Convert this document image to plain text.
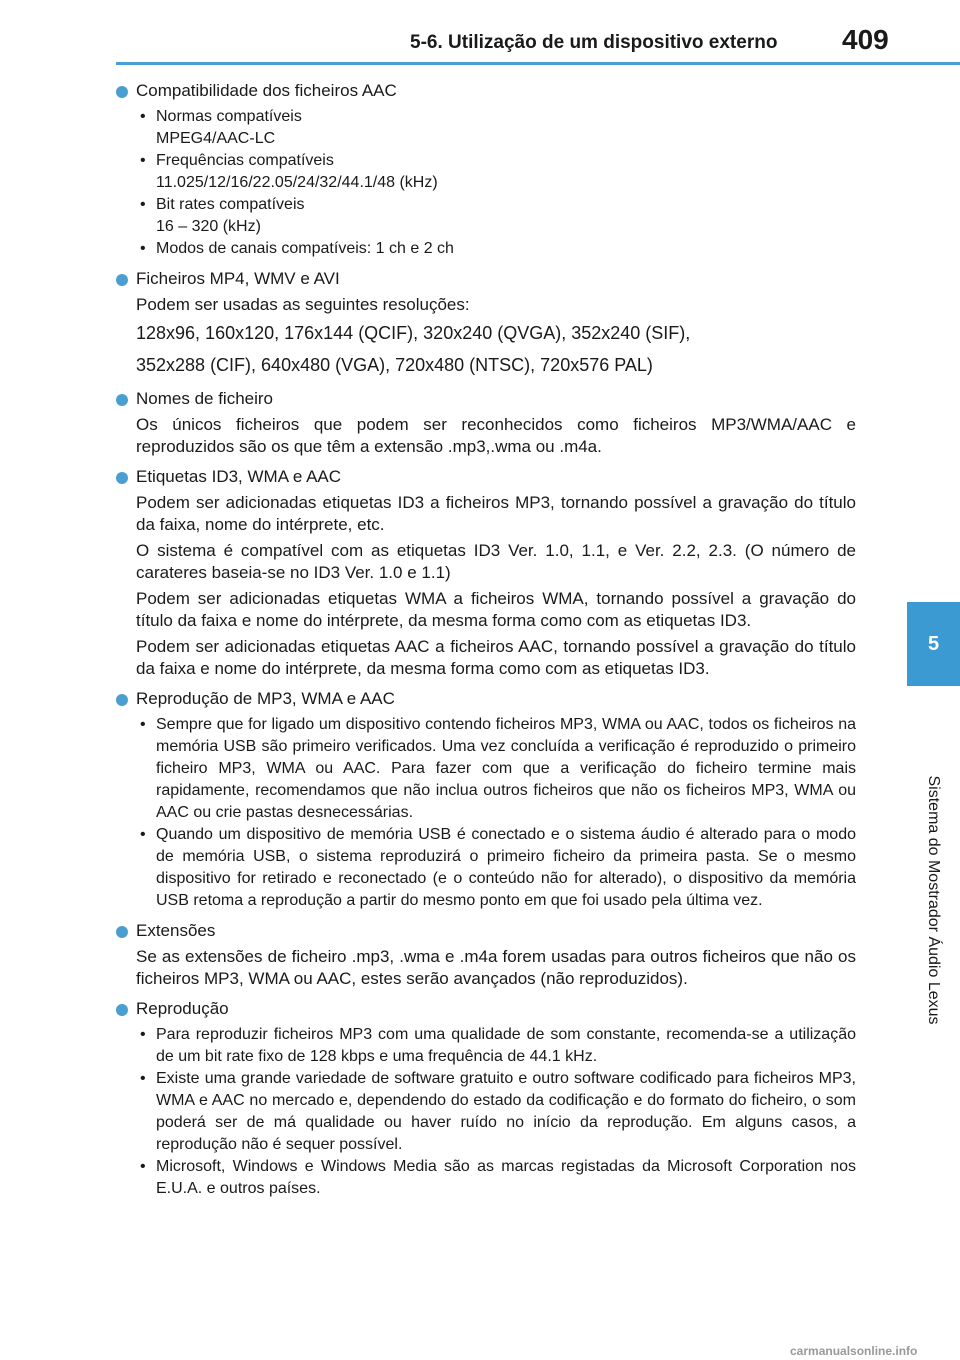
5-6. Utilização de um dispositivo externo 409
5
Sistema do Mostrador Áudio Lexus
Compatibilidade dos ficheiros AAC
• Normas compatíveis
MPEG4/AAC-LC
• Frequências compatíveis
11.025/12/16/22.05/24/32/44.1/48 (kHz)
• Bit rates compatíveis
16 – 320 (kHz)
• Modos de canais compatíveis: 1 ch e 2 ch
Ficheiros MP4, WMV e AVI
Podem ser usadas as seguintes resoluções:
128x96, 160x120, 176x144 (QCIF), 320x240 (QVGA), 352x240 (SIF),
352x288 (CIF), 640x480 (VGA), 720x480 (NTSC), 720x576 PAL)
Nomes de ficheiro
Os únicos ficheiros que podem ser reconhecidos como ficheiros MP3/WMA/AAC e reproduzidos são os que têm a extensão .mp3,.wma ou .m4a.
Etiquetas ID3, WMA e AAC
Podem ser adicionadas etiquetas ID3 a ficheiros MP3, tornando possível a gravação do título da faixa, nome do intérprete, etc.
O sistema é compatível com as etiquetas ID3 Ver. 1.0, 1.1, e Ver. 2.2, 2.3. (O número de carateres baseia-se no ID3 Ver. 1.0 e 1.1)
Podem ser adicionadas etiquetas WMA a ficheiros WMA, tornando possível a gravação do título da faixa e nome do intérprete, da mesma forma como com as etiquetas ID3.
Podem ser adicionadas etiquetas AAC a ficheiros AAC, tornando possível a gravação do título da faixa e nome do intérprete, da mesma forma como com as etiquetas ID3.
Reprodução de MP3, WMA e AAC
• Sempre que for ligado um dispositivo contendo ficheiros MP3, WMA ou AAC, todos os ficheiros na memória USB são primeiro verificados. Uma vez concluída a verificação é reproduzido o primeiro ficheiro MP3, WMA ou AAC. Para fazer com que a verificação do ficheiro termine mais rapidamente, recomendamos que não inclua outros ficheiros que não os ficheiros MP3, WMA ou AAC ou crie pastas desnecessárias.
• Quando um dispositivo de memória USB é conectado e o sistema áudio é alterado para o modo de memória USB, o sistema reproduzirá o primeiro ficheiro da primeira pasta. Se o mesmo dispositivo for retirado e reconectado (e o conteúdo não for alterado), o dispositivo da memória USB retoma a reprodução a partir do mesmo ponto em que foi usado pela última vez.
Extensões
Se as extensões de ficheiro .mp3, .wma e .m4a forem usadas para outros ficheiros que não os ficheiros MP3, WMA ou AAC, estes serão avançados (não reproduzidos).
Reprodução
• Para reproduzir ficheiros MP3 com uma qualidade de som constante, recomenda-se a utilização de um bit rate fixo de 128 kbps e uma frequência de 44.1 kHz.
• Existe uma grande variedade de software gratuito e outro software codificado para ficheiros MP3, WMA e AAC no mercado e, dependendo do estado da codificação e do formato do ficheiro, o som poderá ser de má qualidade ou haver ruído no início da reprodução. Em alguns casos, a reprodução não é sequer possível.
• Microsoft, Windows e Windows Media são as marcas registadas da Microsoft Corporation nos E.U.A. e outros países.
carmanualsonline.info
